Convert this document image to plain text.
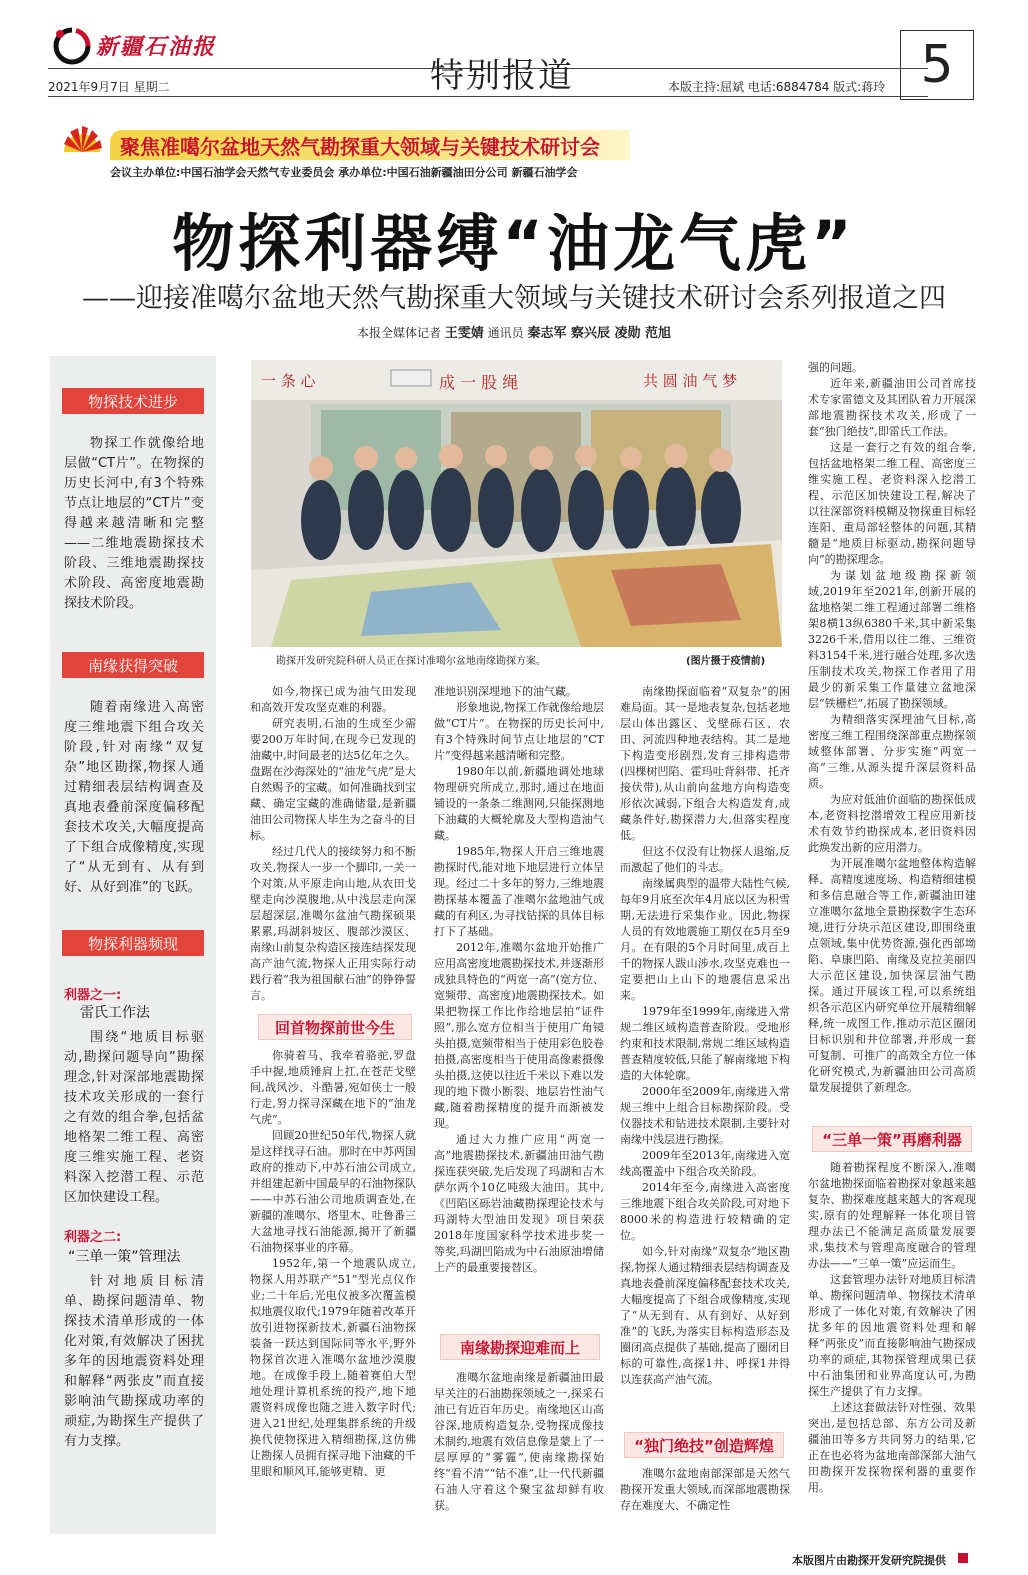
新疆石油报
特别报道
2021年9月7日 星期二	本版主持:屈斌 电话:6884784 版式:蒋玲 5
聚焦准噶尔盆地天然气勘探重大领域与关键技术研讨会
会议主办单位:中国石油学会天然气专业委员会 承办单位:中国石油新疆油田分公司 新疆石油学会
物探利器缚“油龙气虎”
——迎接准噶尔盆地天然气勘探重大领域与关键技术研讨会系列报道之四
本报全媒体记者 王雯婧 通讯员 秦志军 察兴辰 凌勋 范旭
物探技术进步
物探工作就像给地层做“CT片”。在物探的历史长河中,有3个特殊节点让地层的“CT片”变得越来越清晰和完整——二维地震勘探技术阶段、三维地震勘探技术阶段、高密度地震勘探技术阶段。
南缘获得突破
随着南缘进入高密度三维地震下组合攻关阶段,针对南缘“双复杂”地区勘探,物探人通过精细表层结构调查及真地表叠前深度偏移配套技术攻关,大幅度提高了下组合成像精度,实现了“从无到有、从有到好、从好到准”的飞跃。
物探利器频现
利器之一:
雷氏工作法
围绕“地质目标驱动,勘探问题导向”勘探理念,针对深部地震勘探技术攻关形成的一套行之有效的组合拳,包括盆地格架二维工程、高密度三维实施工程、老资料深入挖潜工程、示范区加快建设工程。
利器之二:
“三单一策”管理法
针对地质目标清单、勘探问题清单、物探技术清单形成的一体化对策,有效解决了困扰多年的因地震资料处理和解释“两张皮”而直接影响油气勘探成功率的顽症,为勘探生产提供了有力支撑。
一 条 心	成 一 股 绳	共 圆 油 气 梦
勘探开发研究院科研人员正在探讨准噶尔盆地南缘勘探方案。	(图片摄于疫情前)

如今,物探已成为油气田发现和高效开发攻坚克难的利器。

研究表明,石油的生成至少需要200万年时间,在现今已发现的油藏中,时间最老的达5亿年之久。盘踞在沙海深处的“油龙气虎”是大自然赐予的宝藏。如何准确找到宝藏、确定宝藏的准确储量,是新疆油田公司物探人毕生为之奋斗的目标。

经过几代人的接续努力和不断攻关,物探人一步一个脚印,一关一个对策,从平原走向山地,从农田戈壁走向沙漠腹地,从中浅层走向深层超深层,准噶尔盆油气勘探硕果累累,玛湖斜坡区、腹部沙漠区、南缘山前复杂构造区接连结探发现高产油气流,物探人正用实际行动践行着“我为祖国献石油”的铮铮誓言。

回首物探前世今生

你骑着马、我牵着骆驼,罗盘手中握,地质锤肩上扛,在苍茫戈壁间,战风沙、斗酷暑,宛如侠士一般行走,努力探寻深藏在地下的“油龙气虎”。

回顾20世纪50年代,物探人就是这样找寻石油。那时在中苏两国政府的推动下,中苏石油公司成立,并组建起新中国最早的石油物探队——中苏石油公司地质调查处,在新疆的准噶尔、塔里木、吐鲁番三大盆地寻找石油能源,揭开了新疆石油物探事业的序幕。

1952年,第一个地震队成立,物探人用苏联产“51”型光点仪作业;二十年后,光电仪被多次覆盖模拟地震仪取代;1979年随着改革开放引进物探新技术,新疆石油物探装备一跃达到国际同等水平,野外物探首次进入准噶尔盆地沙漠腹地。在成像手段上,随着赛伯大型地处理计算机系统的投产,地下地震资料成像也随之进入数字时代;进入21世纪,处理集群系统的升级换代使物探进入精细勘探,这仿佛让勘探人员拥有探寻地下油藏的千里眼和顺风耳,能够更精、更

准地识别深埋地下的油气藏。

形象地说,物探工作就像给地层做“CT片”。在物探的历史长河中,有3个特殊时间节点让地层的“CT片”变得越来越清晰和完整。

1980年以前,新疆地调处地球物理研究所成立,那时,通过在地面铺设的一条条二维测网,只能探测地下油藏的大概轮廓及大型构造油气藏。

1985年,物探人开启三维地震勘探时代,能对地下地层进行立体呈现。经过二十多年的努力,三维地震勘探基本覆盖了准噶尔盆地油气成藏的有利区,为寻找钻探的具体目标打下了基础。

2012年,准噶尔盆地开始推广应用高密度地震勘探技术,并逐渐形成独具特色的“两宽一高”(宽方位、宽频带、高密度)地震勘探技术。如果把物探工作比作给地层拍“证件照”,那么宽方位相当于使用广角镜头拍摄,宽频带相当于使用彩色胶卷拍摄,高密度相当于使用高像素摄像头拍摄,这使以往近千米以下难以发现的地下微小断裂、地层岩性油气藏,随着勘探精度的提升而渐被发现。

通过大力推广应用“两宽一高”地震勘探技术,新疆油田油气勘探连获突破,先后发现了玛湖和吉木萨尔两个10亿吨级大油田。其中,《凹陷区砾岩油藏勘探理论技术与玛湖特大型油田发现》项目荣获2018年度国家科学技术进步奖一等奖,玛湖凹陷成为中石油原油增储上产的最重要接替区。

南缘勘探迎难而上

准噶尔盆地南缘是新疆油田最早关注的石油勘探领域之一,探采石油已有近百年历史。南缘地区山高谷深,地质构造复杂,受物探成像技术制约,地震有效信息像是蒙上了一层厚厚的“雾霾”,使南缘勘探始终“看不清”“钻不准”,让一代代新疆石油人守着这个聚宝盆却鲜有收获。

南缘勘探面临着“双复杂”的困难局面。其一是地表复杂,包括老地层山体出露区、戈壁砾石区、农田、河流四种地表结构。其二是地下构造变形剧烈,发育三排构造带(四棵树凹陷、霍玛吐背斜带、托齐接伏带),从山前向盆地方向构造变形依次减弱,下组合大构造发育,成藏条件好,勘探潜力大,但落实程度低。

但这不仅没有让物探人退缩,反而激起了他们的斗志。

南缘属典型的温带大陆性气候,每年9月底至次年4月底以区为积雪期,无法进行采集作业。因此,物探人员的有效地震施工期仅在5月至9月。在有限的5个月时间里,成百上千的物探人跋山涉水,攻坚克难也一定要把山上山下的地震信息采出来。

1979年至1999年,南缘进入常规二维区域构造普查阶段。受地形约束和技术限制,常规二维区域构造普查精度较低,只能了解南缘地下构造的大体轮廓。

2000年至2009年,南缘进入常规三维中上组合目标勘探阶段。受仪器技术和钻进技术限制,主要针对南缘中浅层进行勘探。

2009年至2013年,南缘进入宽线高覆盖中下组合攻关阶段。

2014年至今,南缘进入高密度三维地震下组合攻关阶段,可对地下8000米的构造进行较精确的定位。

如今,针对南缘“双复杂”地区勘探,物探人通过精细表层结构调查及真地表叠前深度偏移配套技术攻关,大幅度提高了下组合成像精度,实现了“从无到有、从有到好、从好到准”的飞跃,为落实目标构造形态及圈闭高点提供了基础,提高了圈闭目标的可靠性,高探1井、呼探1井得以连获高产油气流。

“独门绝技”创造辉煌

准噶尔盆地南部深部是天然气勘探开发重大领域,而深部地震勘探存在难度大、不确定性

强的问题。

近年来,新疆油田公司首席技术专家雷德文及其团队着力开展深部地震勘探技术攻关,形成了一套“独门绝技”,即雷氏工作法。

这是一套行之有效的组合拳,包括盆地格架二维工程、高密度三维实施工程、老资料深入挖潜工程、示范区加快建设工程,解决了以往深部资料模糊及物探重目标轻连阳、重局部轻整体的问题,其精髓是“地质目标驱动,勘探问题导向”的勘探理念。

为谋划盆地级勘探新领域,2019年至2021年,创新开展的盆地格架二维工程通过部署二维格架8横13纵6380千米,其中新采集3226千米,借用以往二维、三维资料3154千米,进行融合处理,多次迭压制技术攻关,物探工作者用了用最少的新采集工作量建立盆地深层“铁栅栏”,拓展了勘探领域。

为精细落实深埋油气目标,高密度三维工程围绕深部重点勘探领域整体部署、分步实施“两宽一高”三维,从源头提升深层资料品质。

为应对低油价面临的勘探低成本,老资料挖潜增效工程应用新技术有效节约勘探成本,老旧资料因此焕发出新的应用潜力。

为开展准噶尔盆地整体构造解释、高精度速度场、构造精细建模和多信息融合等工作,新疆油田建立准噶尔盆地全景勘探数字生态环境,进行分块示范区建设,即围绕重点领域,集中优势资源,强化西部坳陷、阜康凹陷、南缘及克拉美丽四大示范区建设,加快深层油气勘探。通过开展该工程,可以系统组织各示范区内研究单位开展精细解释,统一成图工作,推动示范区圈闭目标识别和井位部署,并形成一套可复制、可推广的高效全方位一体化研究模式,为新疆油田公司高质量发展提供了新理念。

“三单一策”再磨利器

随着勘探程度不断深入,准噶尔盆地勘探面临着勘探对象越来越复杂、勘探难度越来越大的客观现实,原有的处理解释一体化项目管理办法已不能满足高质量发展要求,集技术与管理高度融合的管理办法——“三单一策”应运而生。

这套管理办法针对地质目标清单、勘探问题清单、物探技术清单形成了一体化对策,有效解决了困扰多年的因地震资料处理和解释“两张皮”而直接影响油气勘探成功率的顽症,其物探管理成果已获中石油集团和业界高度认可,为勘探生产提供了有力支撑。

上述这套做法针对性强、效果突出,是包括总部、东方公司及新疆油田等多方共同努力的结果,它正在也必将为盆地南部深部大油气田勘探开发探物探利器的重要作用。

本版图片由勘探开发研究院提供
